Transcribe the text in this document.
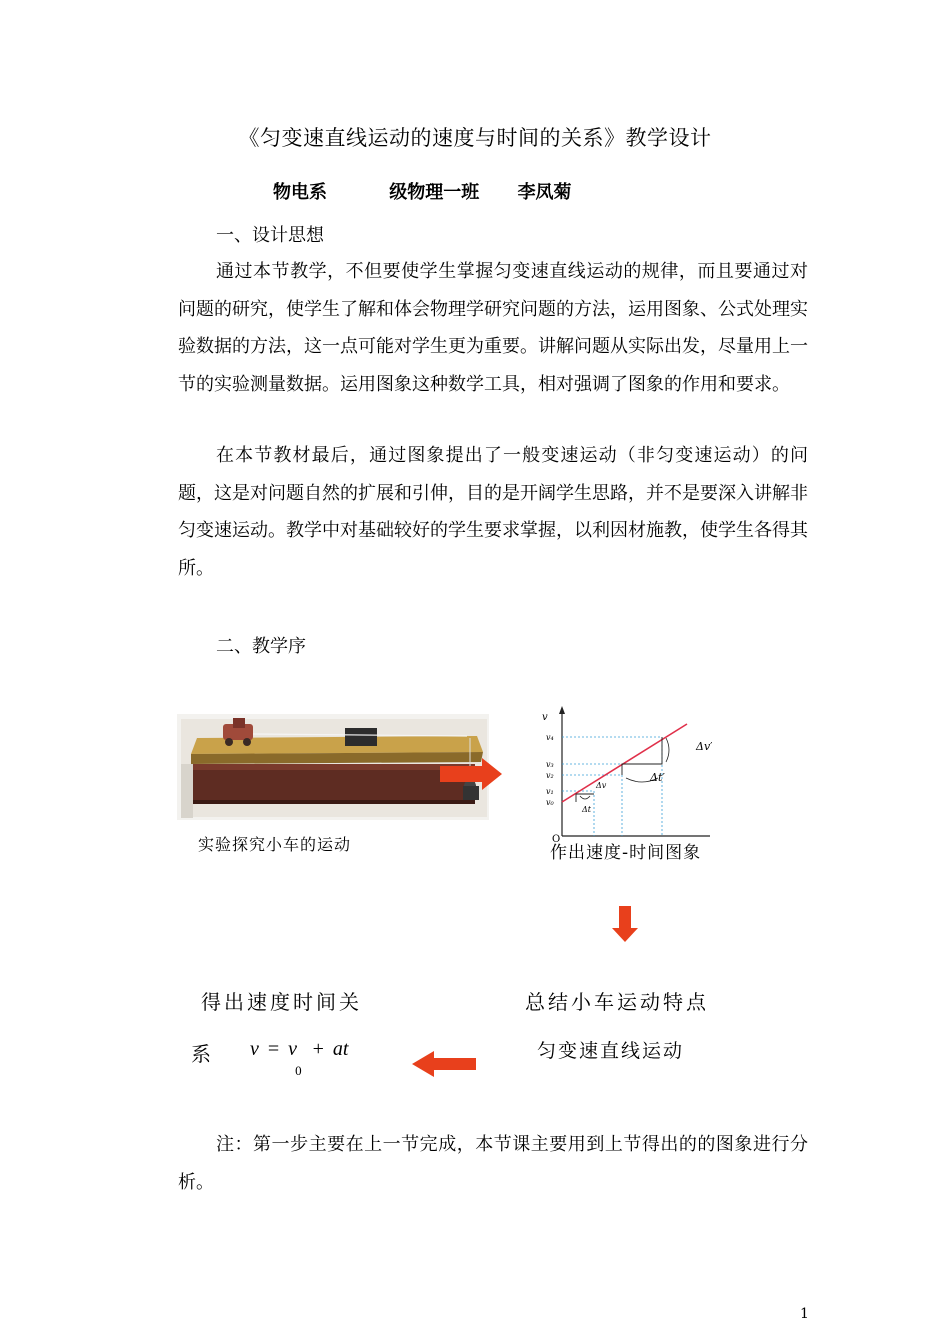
《匀变速直线运动的速度与时间的关系》教学设计
物电系	级物理一班 李凤菊
一、设计思想
通过本节教学，不但要使学生掌握匀变速直线运动的规律，而且要通过对问题的研究，使学生了解和体会物理学研究问题的方法，运用图象、公式处理实验数据的方法，这一点可能对学生更为重要。讲解问题从实际出发，尽量用上一节的实验测量数据。运用图象这种数学工具，相对强调了图象的作用和要求。
在本节教材最后，通过图象提出了一般变速运动（非匀变速运动）的问题，这是对问题自然的扩展和引伸，目的是开阔学生思路，并不是要深入讲解非匀变速运动。教学中对基础较好的学生要求掌握，以利因材施教，使学生各得其所。
二、教学序
实验探究小车的运动
v
v₄
v₃
v₂
v₁
v₀
Δv
Δt
Δv′
Δt′
O
作出速度-时间图象
总结小车运动特点
匀变速直线运动
得出速度时间关
系 $v = v_0$ + at
注：第一步主要在上一节完成，本节课主要用到上节得出的的图象进行分析。
1
